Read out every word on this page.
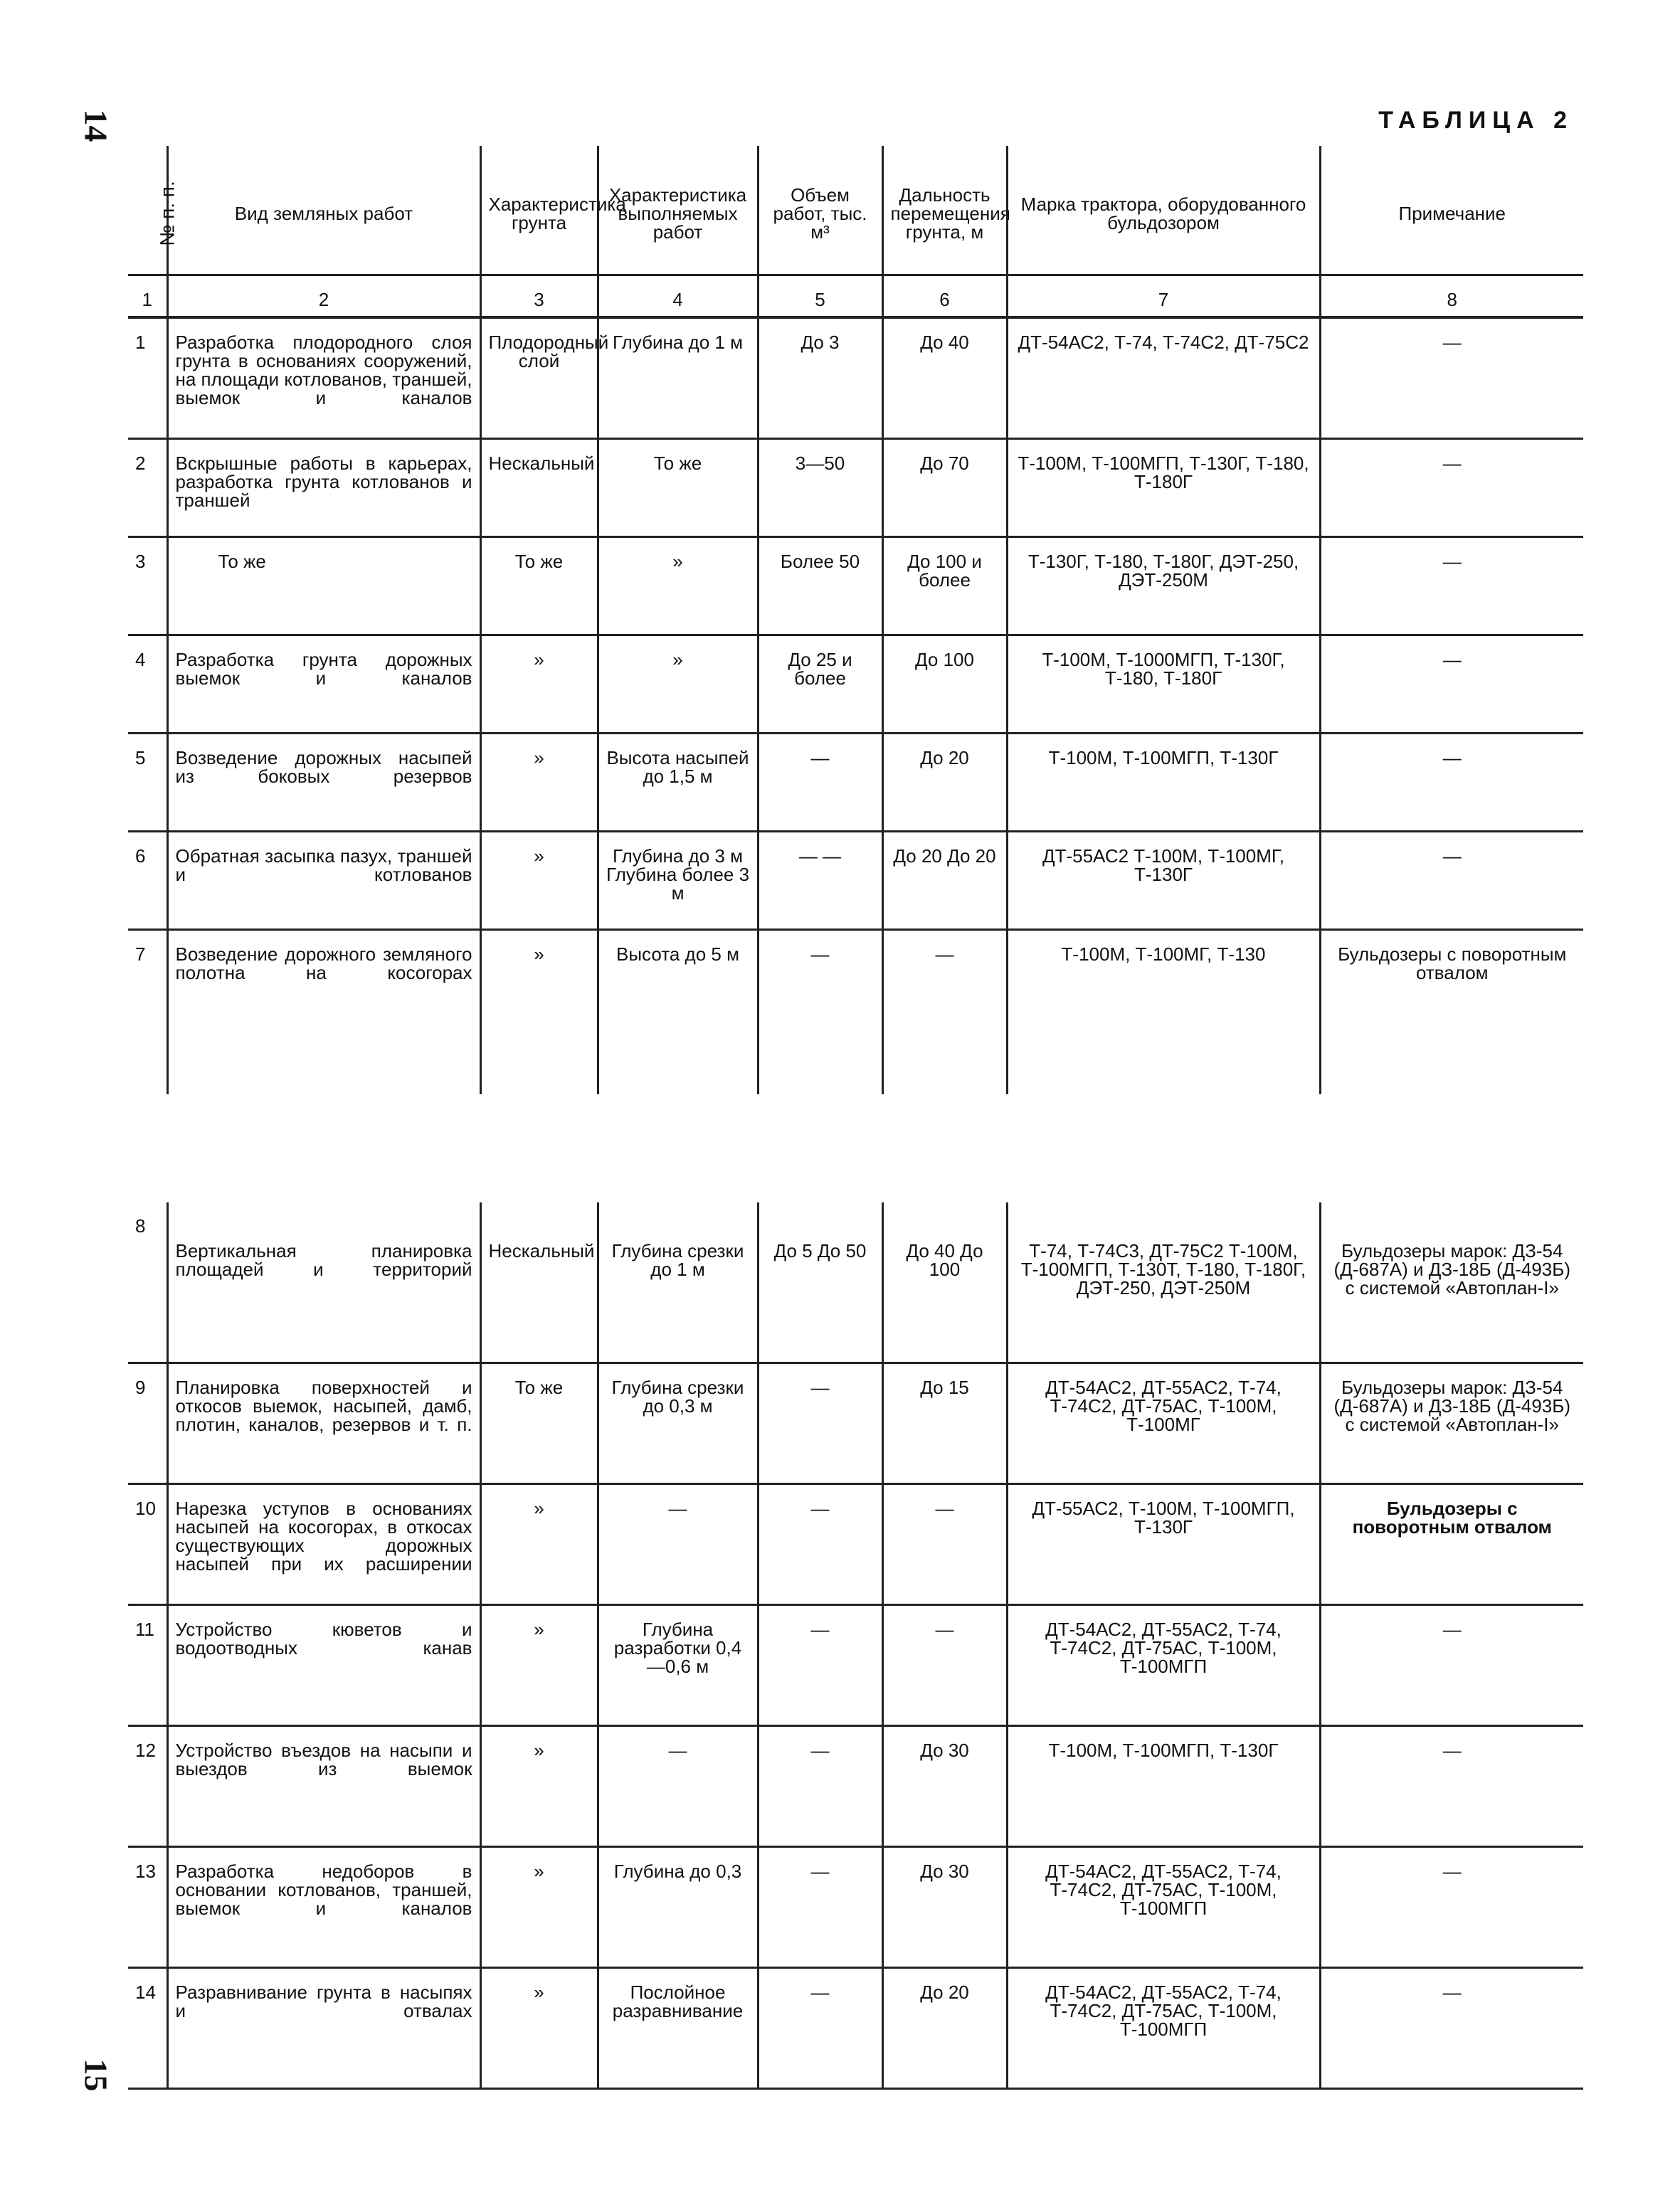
14
15
ТАБЛИЦА 2
№ п. п.	Вид земляных работ	Характеристика грунта	Характеристика выполняемых работ	Объем работ, тыс. м³	Дальность перемещения грунта, м	Марка трактора, оборудованного бульдозором	Примечание
1	2	3	4	5	6	7	8
1	Разработка плодородного слоя грунта в основаниях сооружений, на площади котлованов, траншей, выемок и каналов	Плодородный слой	Глубина до 1 м	До 3	До 40	ДТ-54АС2, Т-74, Т-74С2, ДТ-75С2	—
2	Вскрышные работы в карьерах, разработка грунта котлованов и траншей	Нескальный	То же	3—50	До 70	Т-100М, Т-100МГП, Т-130Г, Т-180, Т-180Г	—
3	То же	То же	»	Более 50	До 100 и более	Т-130Г, Т-180, Т-180Г, ДЭТ-250, ДЭТ-250М	—
4	Разработка грунта дорожных выемок и каналов	»	»	До 25 и более	До 100	Т-100М, Т-1000МГП, Т-130Г, Т-180, Т-180Г	—
5	Возведение дорожных насыпей из боковых резервов	»	Высота насыпей до 1,5 м	—	До 20	Т-100М, Т-100МГП, Т-130Г	—
6	Обратная засыпка пазух, траншей и котлованов	»	Глубина до 3 м Глубина более 3 м	— —	До 20 До 20	ДТ-55АС2 Т-100М, Т-100МГ, Т-130Г	—
7	Возведение дорожного земляного полотна на косогорах	»	Высота до 5 м	—	—	Т-100М, Т-100МГ, Т-130	Бульдозеры с поворотным отвалом
8	Вертикальная планировка площадей и территорий	Нескальный	Глубина срезки до 1 м	До 5 До 50	До 40 До 100	Т-74, Т-74С3, ДТ-75С2 Т-100М, Т-100МГП, Т-130Т, Т-180, Т-180Г, ДЭТ-250, ДЭТ-250М	Бульдозеры марок: ДЗ-54 (Д-687А) и ДЗ-18Б (Д-493Б) с системой «Автоплан-I»
9	Планировка поверхностей и откосов выемок, насыпей, дамб, плотин, каналов, резервов и т. п.	То же	Глубина срезки до 0,3 м	—	До 15	ДТ-54АС2, ДТ-55АС2, Т-74, Т-74С2, ДТ-75АС, Т-100М, Т-100МГ	Бульдозеры марок: ДЗ-54 (Д-687А) и ДЗ-18Б (Д-493Б) с системой «Автоплан-I»
10	Нарезка уступов в основаниях насыпей на косогорах, в откосах существующих дорожных насыпей при их расширении	»	—	—	—	ДТ-55АС2, Т-100М, Т-100МГП, Т-130Г	Бульдозеры с поворотным отвалом
11	Устройство кюветов и водоотводных канав	»	Глубина разработки 0,4—0,6 м	—	—	ДТ-54АС2, ДТ-55АС2, Т-74, Т-74С2, ДТ-75АС, Т-100М, Т-100МГП	—
12	Устройство въездов на насыпи и выездов из выемок	»	—	—	До 30	Т-100М, Т-100МГП, Т-130Г	—
13	Разработка недоборов в основании котлованов, траншей, выемок и каналов	»	Глубина до 0,3	—	До 30	ДТ-54АС2, ДТ-55АС2, Т-74, Т-74С2, ДТ-75АС, Т-100М, Т-100МГП	—
14	Разравнивание грунта в насыпях и отвалах	»	Послойное разравнивание	—	До 20	ДТ-54АС2, ДТ-55АС2, Т-74, Т-74С2, ДТ-75АС, Т-100М, Т-100МГП	—
